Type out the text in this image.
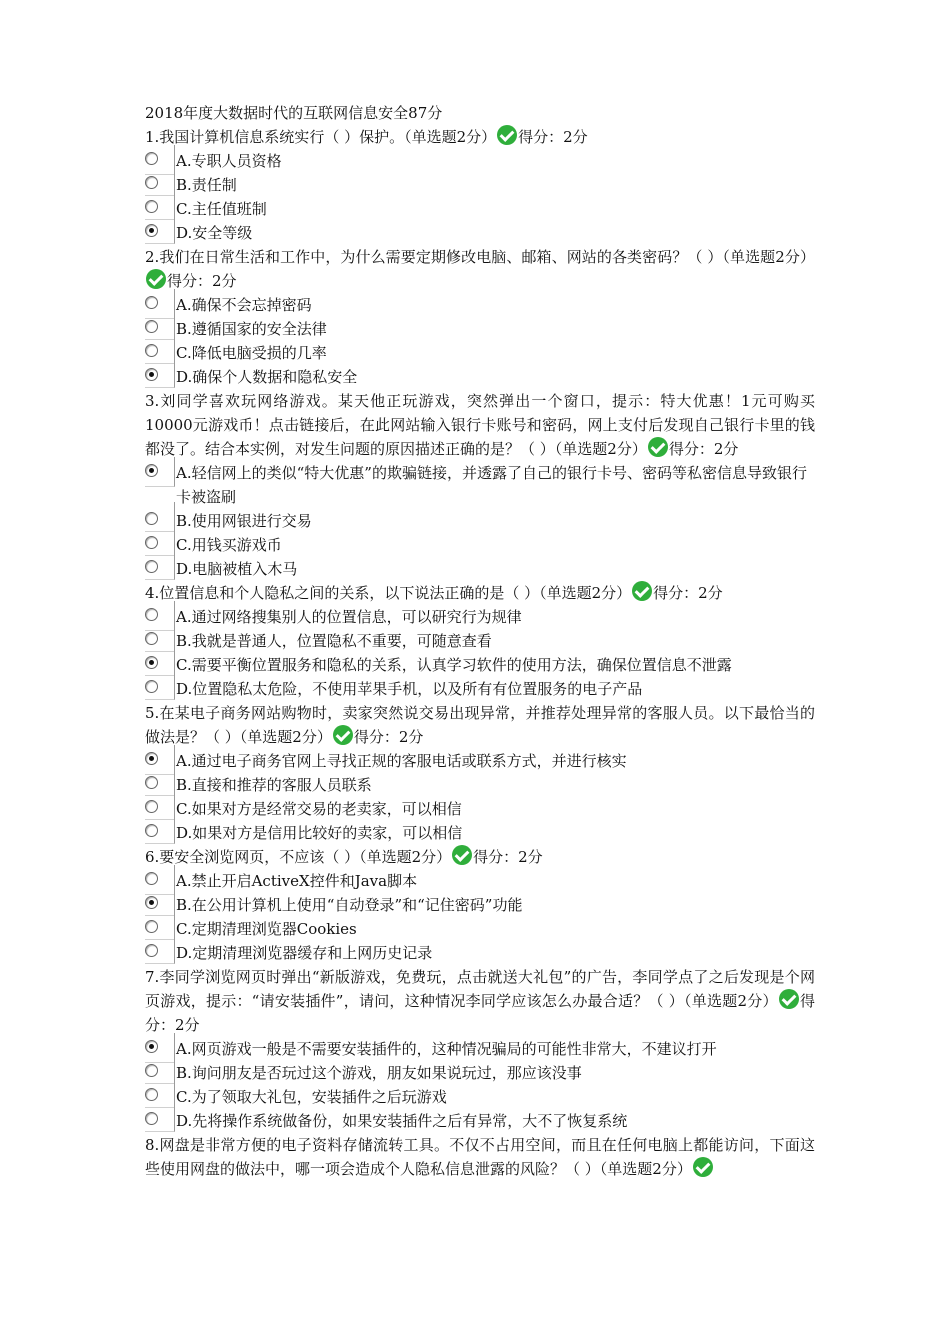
2018年度大数据时代的互联网信息安全87分
1.我国计算机信息系统实行（ ）保护。（单选题2分） 得分：2分
A.专职人员资格
B.责任制
C.主任值班制
D.安全等级
2.我们在日常生活和工作中，为什么需要定期修改电脑、邮箱、网站的各类密码？（ ）（单选题2分）得分：2分
A.确保不会忘掉密码
B.遵循国家的安全法律
C.降低电脑受损的几率
D.确保个人数据和隐私安全
3.刘同学喜欢玩网络游戏。某天他正玩游戏，突然弹出一个窗口，提示：特大优惠！1元可购买10000元游戏币！点击链接后，在此网站输入银行卡账号和密码，网上支付后发现自己银行卡里的钱都没了。结合本实例，对发生问题的原因描述正确的是？（ ）（单选题2分） 得分：2分
A.轻信网上的类似“特大优惠”的欺骗链接，并透露了自己的银行卡号、密码等私密信息导致银行卡被盗刷
B.使用网银进行交易
C.用钱买游戏币
D.电脑被植入木马
4.位置信息和个人隐私之间的关系，以下说法正确的是（ ）（单选题2分） 得分：2分
A.通过网络搜集别人的位置信息，可以研究行为规律
B.我就是普通人，位置隐私不重要，可随意查看
C.需要平衡位置服务和隐私的关系，认真学习软件的使用方法，确保位置信息不泄露
D.位置隐私太危险，不使用苹果手机，以及所有有位置服务的电子产品
5.在某电子商务网站购物时，卖家突然说交易出现异常，并推荐处理异常的客服人员。以下最恰当的做法是？（ ）（单选题2分） 得分：2分
A.通过电子商务官网上寻找正规的客服电话或联系方式，并进行核实
B.直接和推荐的客服人员联系
C.如果对方是经常交易的老卖家，可以相信
D.如果对方是信用比较好的卖家，可以相信
6.要安全浏览网页，不应该（ ）（单选题2分） 得分：2分
A.禁止开启ActiveX控件和Java脚本
B.在公用计算机上使用“自动登录”和“记住密码”功能
C.定期清理浏览器Cookies
D.定期清理浏览器缓存和上网历史记录
7.李同学浏览网页时弹出“新版游戏，免费玩，点击就送大礼包”的广告，李同学点了之后发现是个网页游戏，提示：“请安装插件”，请问，这种情况李同学应该怎么办最合适？（ ）（单选题2分） 得分：2分
A.网页游戏一般是不需要安装插件的，这种情况骗局的可能性非常大，不建议打开
B.询问朋友是否玩过这个游戏，朋友如果说玩过，那应该没事
C.为了领取大礼包，安装插件之后玩游戏
D.先将操作系统做备份，如果安装插件之后有异常，大不了恢复系统
8.网盘是非常方便的电子资料存储流转工具。不仅不占用空间，而且在任何电脑上都能访问，下面这些使用网盘的做法中，哪一项会造成个人隐私信息泄露的风险？（ ）（单选题2分）
